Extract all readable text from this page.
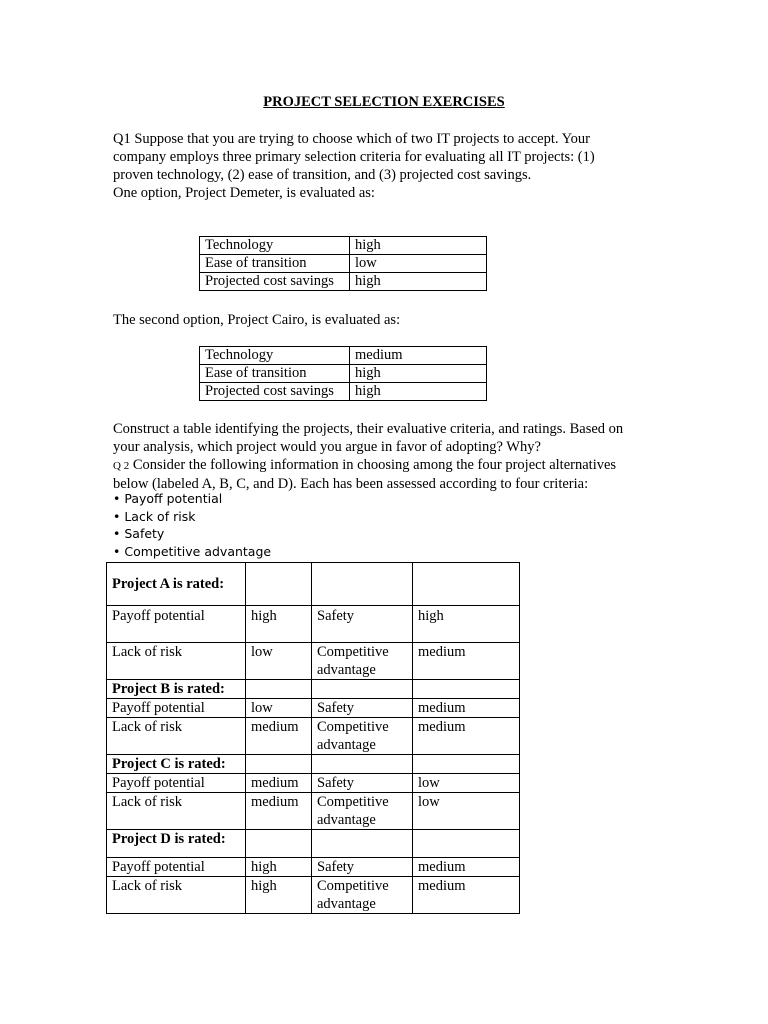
PROJECT SELECTION EXERCISES
Q1 Suppose that you are trying to choose which of two IT projects to accept. Your
company employs three primary selection criteria for evaluating all IT projects: (1)
proven technology, (2) ease of transition, and (3) projected cost savings.
One option, Project Demeter, is evaluated as:
Technology	high
Ease of transition	low
Projected cost savings	high
The second option, Project Cairo, is evaluated as:
Technology	medium
Ease of transition	high
Projected cost savings	high
Construct a table identifying the projects, their evaluative criteria, and ratings. Based on
your analysis, which project would you argue in favor of adopting? Why?
Q 2 Consider the following information in choosing among the four project alternatives
below (labeled A, B, C, and D). Each has been assessed according to four criteria:
• Payoff potential
• Lack of risk
• Safety
• Competitive advantage
Project A is rated:			
Payoff potential	high	Safety	high
Lack of risk	low	Competitive advantage	medium
Project B is rated:			
Payoff potential	low	Safety	medium
Lack of risk	medium	Competitive advantage	medium
Project C is rated:			
Payoff potential	medium	Safety	low
Lack of risk	medium	Competitive advantage	low
Project D is rated:			
Payoff potential	high	Safety	medium
Lack of risk	high	Competitive advantage	medium
